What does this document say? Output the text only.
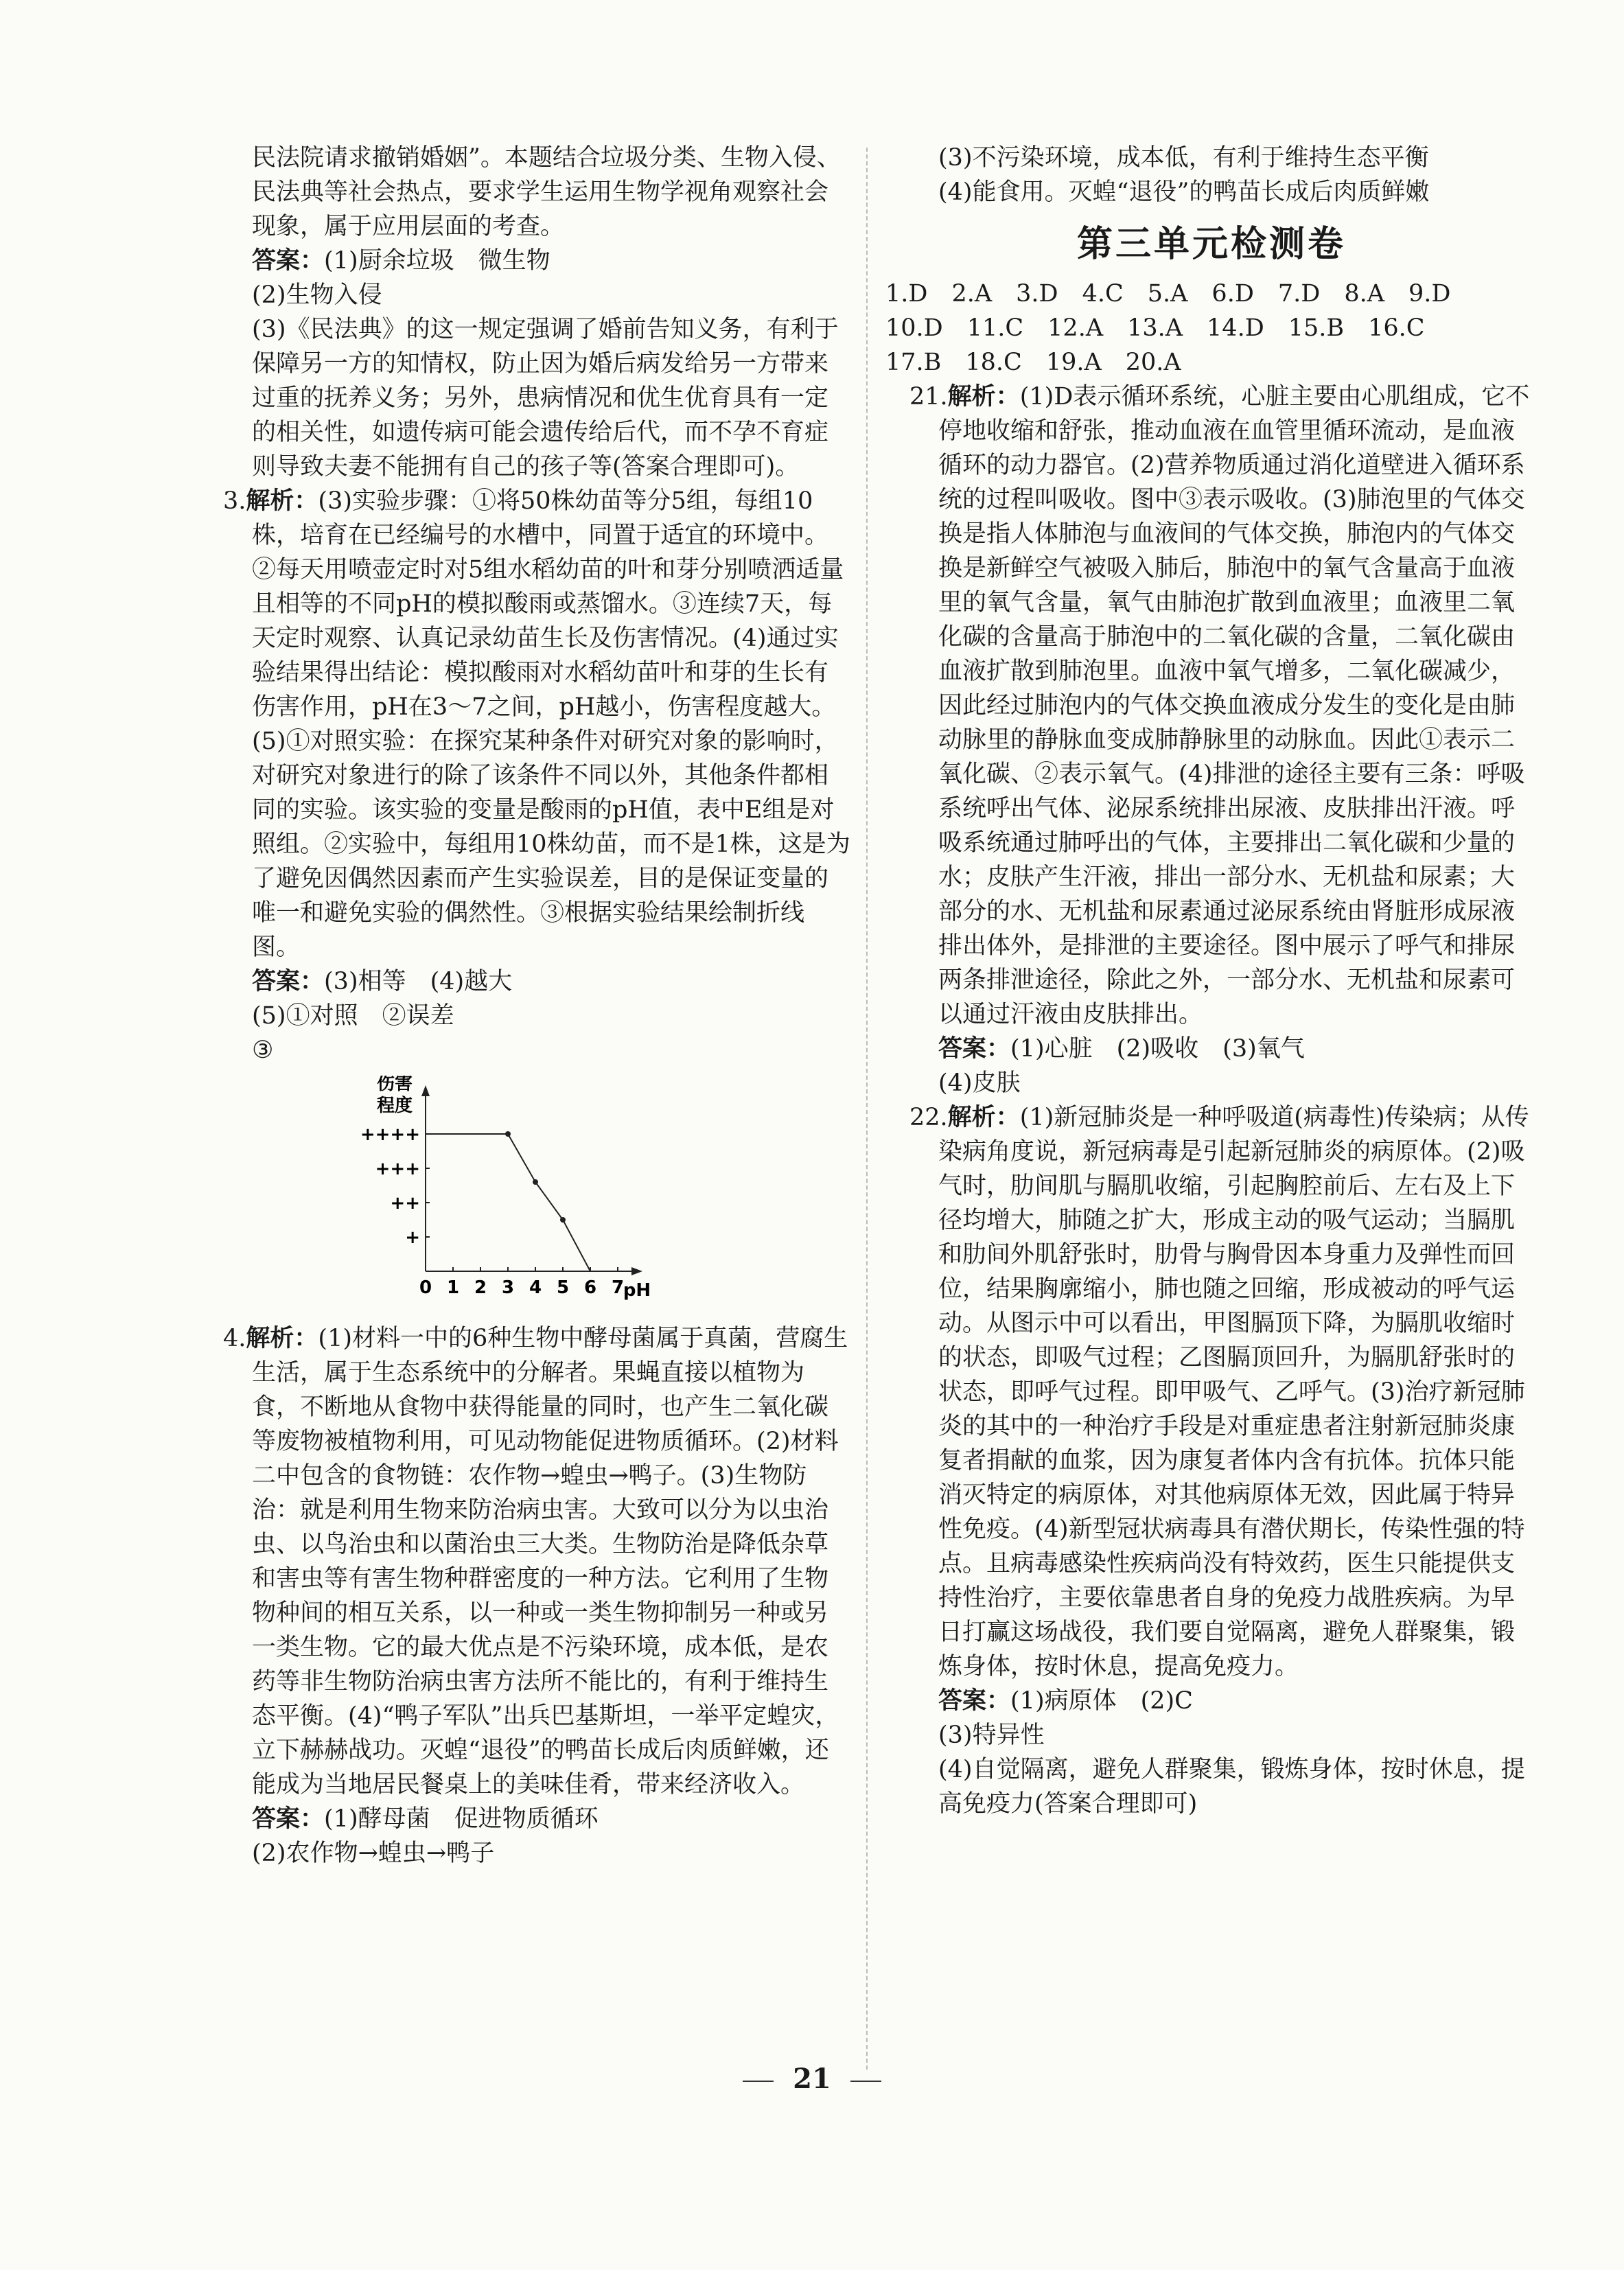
民法院请求撤销婚姻”。本题结合垃圾分类、生物入侵、民法典等社会热点，要求学生运用生物学视角观察社会现象，属于应用层面的考查。

答案：(1)厨余垃圾　微生物

(2)生物入侵

(3)《民法典》的这一规定强调了婚前告知义务，有利于保障另一方的知情权，防止因为婚后病发给另一方带来过重的抚养义务；另外，患病情况和优生优育具有一定的相关性，如遗传病可能会遗传给后代，而不孕不育症则导致夫妻不能拥有自己的孩子等(答案合理即可)。

3.解析：(3)实验步骤：①将50株幼苗等分5组，每组10株，培育在已经编号的水槽中，同置于适宜的环境中。②每天用喷壶定时对5组水稻幼苗的叶和芽分别喷洒适量且相等的不同pH的模拟酸雨或蒸馏水。③连续7天，每天定时观察、认真记录幼苗生长及伤害情况。(4)通过实验结果得出结论：模拟酸雨对水稻幼苗叶和芽的生长有伤害作用，pH在3～7之间，pH越小，伤害程度越大。(5)①对照实验：在探究某种条件对研究对象的影响时，对研究对象进行的除了该条件不同以外，其他条件都相同的实验。该实验的变量是酸雨的pH值，表中E组是对照组。②实验中，每组用10株幼苗，而不是1株，这是为了避免因偶然因素而产生实验误差，目的是保证变量的唯一和避免实验的偶然性。③根据实验结果绘制折线图。

答案：(3)相等　(4)越大

(5)①对照　②误差

③

伤害
程度
0 1 2 3 4 5 6 7
pH
+
++
+++
++++

4.解析：(1)材料一中的6种生物中酵母菌属于真菌，营腐生生活，属于生态系统中的分解者。果蝇直接以植物为食，不断地从食物中获得能量的同时，也产生二氧化碳等废物被植物利用，可见动物能促进物质循环。(2)材料二中包含的食物链：农作物→蝗虫→鸭子。(3)生物防治：就是利用生物来防治病虫害。大致可以分为以虫治虫、以鸟治虫和以菌治虫三大类。生物防治是降低杂草和害虫等有害生物种群密度的一种方法。它利用了生物物种间的相互关系，以一种或一类生物抑制另一种或另一类生物。它的最大优点是不污染环境，成本低，是农药等非生物防治病虫害方法所不能比的，有利于维持生态平衡。(4)“鸭子军队”出兵巴基斯坦，一举平定蝗灾，立下赫赫战功。灭蝗“退役”的鸭苗长成后肉质鲜嫩，还能成为当地居民餐桌上的美味佳肴，带来经济收入。

答案：(1)酵母菌　促进物质循环

(2)农作物→蝗虫→鸭子

(3)不污染环境，成本低，有利于维持生态平衡

(4)能食用。灭蝗“退役”的鸭苗长成后肉质鲜嫩

第三单元检测卷

1.D　2.A　3.D　4.C　5.A　6.D　7.D　8.A　9.D

10.D　11.C　12.A　13.A　14.D　15.B　16.C

17.B　18.C　19.A　20.A

21.解析：(1)D表示循环系统，心脏主要由心肌组成，它不停地收缩和舒张，推动血液在血管里循环流动，是血液循环的动力器官。(2)营养物质通过消化道壁进入循环系统的过程叫吸收。图中③表示吸收。(3)肺泡里的气体交换是指人体肺泡与血液间的气体交换，肺泡内的气体交换是新鲜空气被吸入肺后，肺泡中的氧气含量高于血液里的氧气含量，氧气由肺泡扩散到血液里；血液里二氧化碳的含量高于肺泡中的二氧化碳的含量，二氧化碳由血液扩散到肺泡里。血液中氧气增多，二氧化碳减少，因此经过肺泡内的气体交换血液成分发生的变化是由肺动脉里的静脉血变成肺静脉里的动脉血。因此①表示二氧化碳、②表示氧气。(4)排泄的途径主要有三条：呼吸系统呼出气体、泌尿系统排出尿液、皮肤排出汗液。呼吸系统通过肺呼出的气体，主要排出二氧化碳和少量的水；皮肤产生汗液，排出一部分水、无机盐和尿素；大部分的水、无机盐和尿素通过泌尿系统由肾脏形成尿液排出体外，是排泄的主要途径。图中展示了呼气和排尿两条排泄途径，除此之外，一部分水、无机盐和尿素可以通过汗液由皮肤排出。

答案：(1)心脏　(2)吸收　(3)氧气

(4)皮肤

22.解析：(1)新冠肺炎是一种呼吸道(病毒性)传染病；从传染病角度说，新冠病毒是引起新冠肺炎的病原体。(2)吸气时，肋间肌与膈肌收缩，引起胸腔前后、左右及上下径均增大，肺随之扩大，形成主动的吸气运动；当膈肌和肋间外肌舒张时，肋骨与胸骨因本身重力及弹性而回位，结果胸廓缩小，肺也随之回缩，形成被动的呼气运动。从图示中可以看出，甲图膈顶下降，为膈肌收缩时的状态，即吸气过程；乙图膈顶回升，为膈肌舒张时的状态，即呼气过程。即甲吸气、乙呼气。(3)治疗新冠肺炎的其中的一种治疗手段是对重症患者注射新冠肺炎康复者捐献的血浆，因为康复者体内含有抗体。抗体只能消灭特定的病原体，对其他病原体无效，因此属于特异性免疫。(4)新型冠状病毒具有潜伏期长，传染性强的特点。且病毒感染性疾病尚没有特效药，医生只能提供支持性治疗，主要依靠患者自身的免疫力战胜疾病。为早日打赢这场战役，我们要自觉隔离，避免人群聚集，锻炼身体，按时休息，提高免疫力。

答案：(1)病原体　(2)C

(3)特异性

(4)自觉隔离，避免人群聚集，锻炼身体，按时休息，提高免疫力(答案合理即可)

21
